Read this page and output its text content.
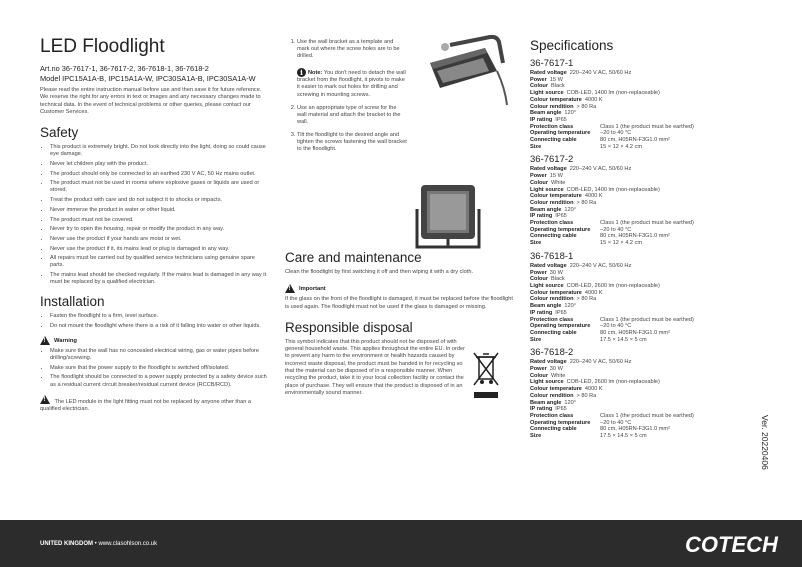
LED Floodlight
Art.no 36-7617-1, 36-7617-2, 36-7618-1, 36-7618-2
Model IPC15A1A-B, IPC15A1A-W, IPC30SA1A-B, IPC30SA1A-W
Please read the entire instruction manual before use and then save it for future reference. We reserve the right for any errors in text or images and any necessary changes made to technical data. In the event of technical problems or other queries, please contact our Customer Services.
Safety
• This product is extremely bright. Do not look directly into the light, doing so could cause eye damage.
• Never let children play with the product.
• The product should only be connected to an earthed 230 V AC, 50 Hz mains outlet.
• The product must not be used in rooms where explosive gases or liquids are used or stored.
• Treat the product with care and do not subject it to shocks or impacts.
• Never immerse the product in water or other liquid.
• The product must not be covered.
• Never try to open the housing, repair or modify the product in any way.
• Never use the product if your hands are moist or wet.
• Never use the product if it, its mains lead or plug is damaged in any way.
• All repairs must be carried out by qualified service technicians using genuine spare parts.
• The mains lead should be checked regularly. If the mains lead is damaged in any way it must be replaced by a qualified electrician.
Installation
• Fasten the floodlight to a firm, level surface.
• Do not mount the floodlight where there is a risk of it falling into water or other liquids.
!
Warning
• Make sure that the wall has no concealed electrical wiring, gas or water pipes before drilling/screwing.
• Make sure that the power supply to the floodlight is switched off/isolated.
• The floodlight should be connected to a power supply protected by a safety device such as a residual current circuit breaker/residual current device (RCCB/RCD).
! The LED module in the light fitting must not be replaced by anyone other than a qualified electrician.
1. Use the wall bracket as a template and mark out where the screw holes are to be drilled.
i Note: You don't need to detach the wall bracket from the floodlight, it pivots to make it easier to mark out holes for drilling and screwing in mounting screws.
2. Use an appropriate type of screw for the wall material and attach the bracket to the wall.
3. Tilt the floodlight to the desired angle and tighten the screws fastening the wall bracket to the floodlight.
Care and maintenance
Clean the floodlight by first switching it off and then wiping it with a dry cloth.
!
Important
If the glass on the front of the floodlight is damaged, it must be replaced before the floodlight is used again. The floodlight must not be used if the glass is damaged or missing.
Responsible disposal
This symbol indicates that this product should not be disposed of with general household waste. This applies throughout the entire EU. In order to prevent any harm to the environment or health hazards caused by incorrect waste disposal, the product must be handed in for recycling so that the material can be disposed of in a responsible manner. When recycling the product, take it to your local collection facility or contact the place of purchase. They will ensure that the product is disposed of in an environmentally sound manner.
Specifications
36-7617-1
Rated voltage 220–240 V AC, 50/60 Hz
Power 15 W
Colour Black
Light source COB-LED, 1400 lm (non-replaceable)
Colour temperature 4000 K
Colour rendition > 80 Ra
Beam angle 120°
IP rating IP65
Protection class	Class 1 (the product must be earthed)
Operating temperature	−20 to 40 °C
Connecting cable	80 cm, H05RN-F3G1.0 mm²
Size	15 × 12 × 4.2 cm
36-7617-2
Rated voltage 220–240 V AC, 50/60 Hz
Power 15 W
Colour White
Light source COB-LED, 1400 lm (non-replaceable)
Colour temperature 4000 K
Colour rendition > 80 Ra
Beam angle 120°
IP rating IP65
Protection class	Class 1 (the product must be earthed)
Operating temperature	−20 to 40 °C
Connecting cable	80 cm, H05RN-F3G1.0 mm²
Size	15 × 12 × 4.2 cm
36-7618-1
Rated voltage 220–240 V AC, 50/60 Hz
Power 30 W
Colour Black
Light source COB-LED, 2600 lm (non-replaceable)
Colour temperature 4000 K
Colour rendition > 80 Ra
Beam angle 120°
IP rating IP65
Protection class	Class 1 (the product must be earthed)
Operating temperature	−20 to 40 °C
Connecting cable	80 cm, H05RN-F3G1.0 mm²
Size	17.5 × 14.5 × 5 cm
36-7618-2
Rated voltage 220–240 V AC, 50/60 Hz
Power 30 W
Colour White
Light source COB-LED, 2600 lm (non-replaceable)
Colour temperature 4000 K
Colour rendition > 80 Ra
Beam angle 120°
IP rating IP65
Protection class	Class 1 (the product must be earthed)
Operating temperature	−20 to 40 °C
Connecting cable	80 cm, H05RN-F3G1.0 mm²
Size	17.5 × 14.5 × 5 cm	Ver. 20220406
UNITED KINGDOM • www.clasohlson.co.uk	COTECH
